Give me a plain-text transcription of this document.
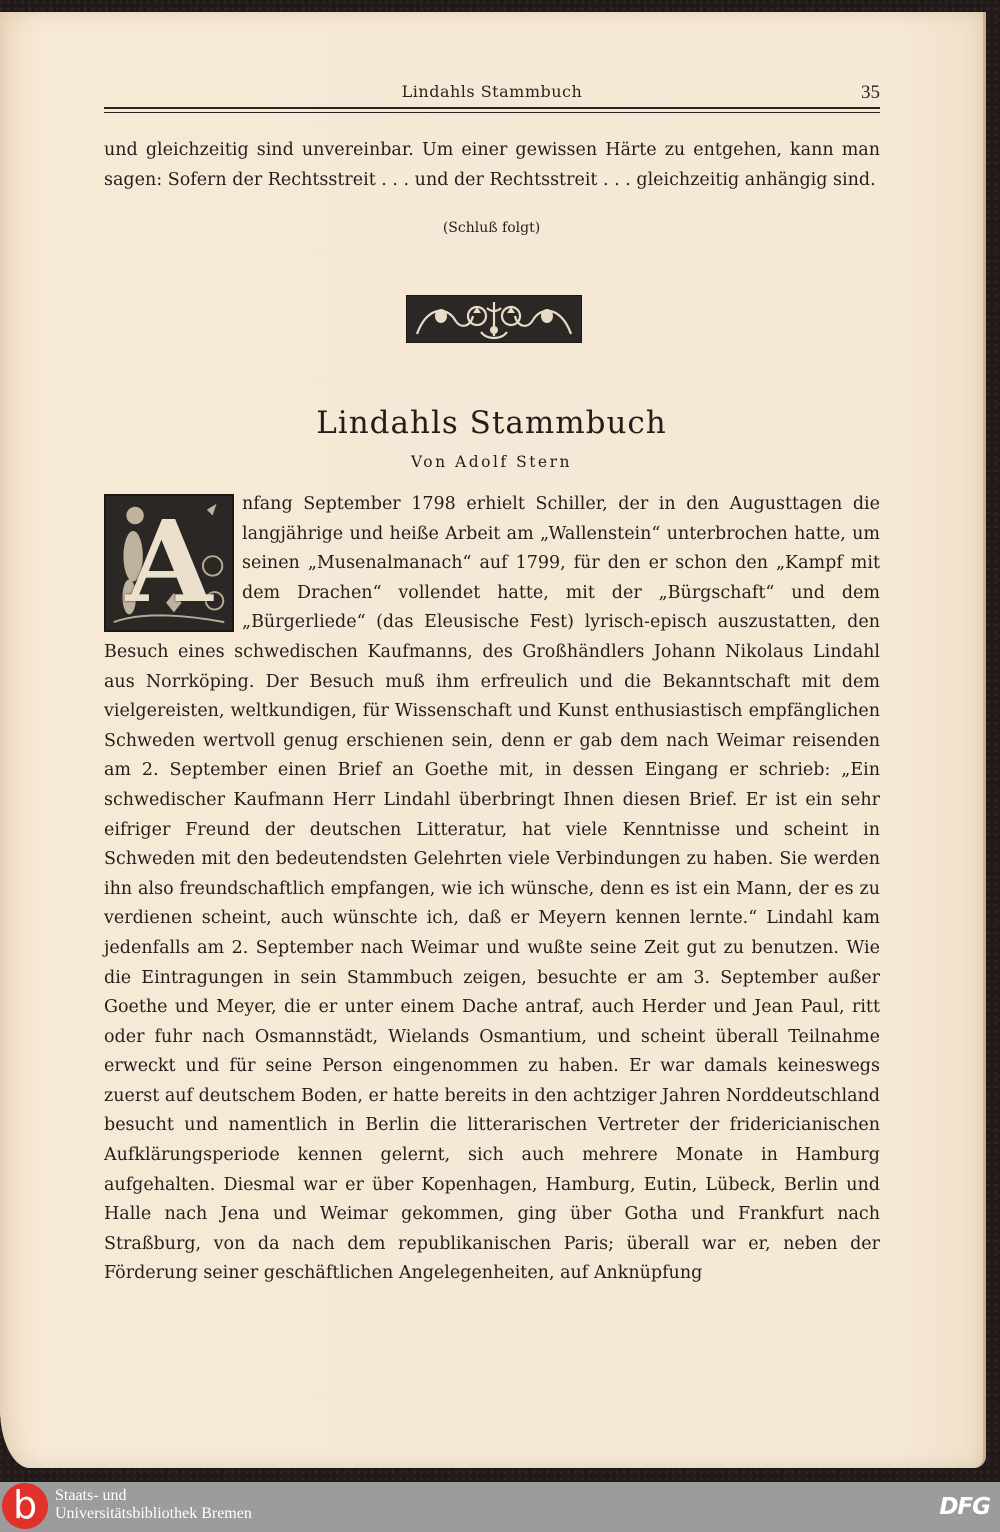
Lindahls Stammbuch	35

und gleichzeitig sind unvereinbar. Um einer gewissen Härte zu entgehen, kann man sagen: Sofern der Rechtsstreit . . . und der Rechtsstreit . . . gleichzeitig anhängig sind.

(Schluß folgt)
Lindahls Stammbuch
Von Adolf Stern
A	nfang September 1798 erhielt Schiller, der in den Augusttagen die langjährige und heiße Arbeit am „Wallenstein“ unterbrochen hatte, um seinen „Musenalmanach“ auf 1799, für den er schon den „Kampf mit dem Drachen“ vollendet hatte, mit der „Bürgschaft“ und dem „Bürgerliede“ (das Eleusische Fest) lyrisch-episch auszustatten, den Besuch eines schwedischen Kaufmanns, des Großhändlers Johann Nikolaus Lindahl aus Norrköping. Der Besuch muß ihm erfreulich und die Bekanntschaft mit dem vielgereisten, weltkundigen, für Wissenschaft und Kunst enthusiastisch empfänglichen Schweden wertvoll genug erschienen sein, denn er gab dem nach Weimar reisenden am 2. September einen Brief an Goethe mit, in dessen Eingang er schrieb: „Ein schwedischer Kaufmann Herr Lindahl überbringt Ihnen diesen Brief. Er ist ein sehr eifriger Freund der deutschen Litteratur, hat viele Kenntnisse und scheint in Schweden mit den bedeutendsten Gelehrten viele Verbindungen zu haben. Sie werden ihn also freundschaftlich empfangen, wie ich wünsche, denn es ist ein Mann, der es zu verdienen scheint, auch wünschte ich, daß er Meyern kennen lernte.“ Lindahl kam jedenfalls am 2. September nach Weimar und wußte seine Zeit gut zu benutzen. Wie die Eintragungen in sein Stammbuch zeigen, besuchte er am 3. September außer Goethe und Meyer, die er unter einem Dache antraf, auch Herder und Jean Paul, ritt oder fuhr nach Osmannstädt, Wielands Osmantium, und scheint überall Teilnahme erweckt und für seine Person eingenommen zu haben. Er war damals keineswegs zuerst auf deutschem Boden, er hatte bereits in den achtziger Jahren Norddeutschland besucht und namentlich in Berlin die litterarischen Vertreter der fridericianischen Aufklärungsperiode kennen gelernt, sich auch mehrere Monate in Hamburg aufgehalten. Diesmal war er über Kopenhagen, Hamburg, Eutin, Lübeck, Berlin und Halle nach Jena und Weimar gekommen, ging über Gotha und Frankfurt nach Straßburg, von da nach dem republikanischen Paris; überall war er, neben der Förderung seiner geschäftlichen Angelegenheiten, auf Anknüpfung

b	Staats- und
Universitätsbibliothek Bremen	DFG
